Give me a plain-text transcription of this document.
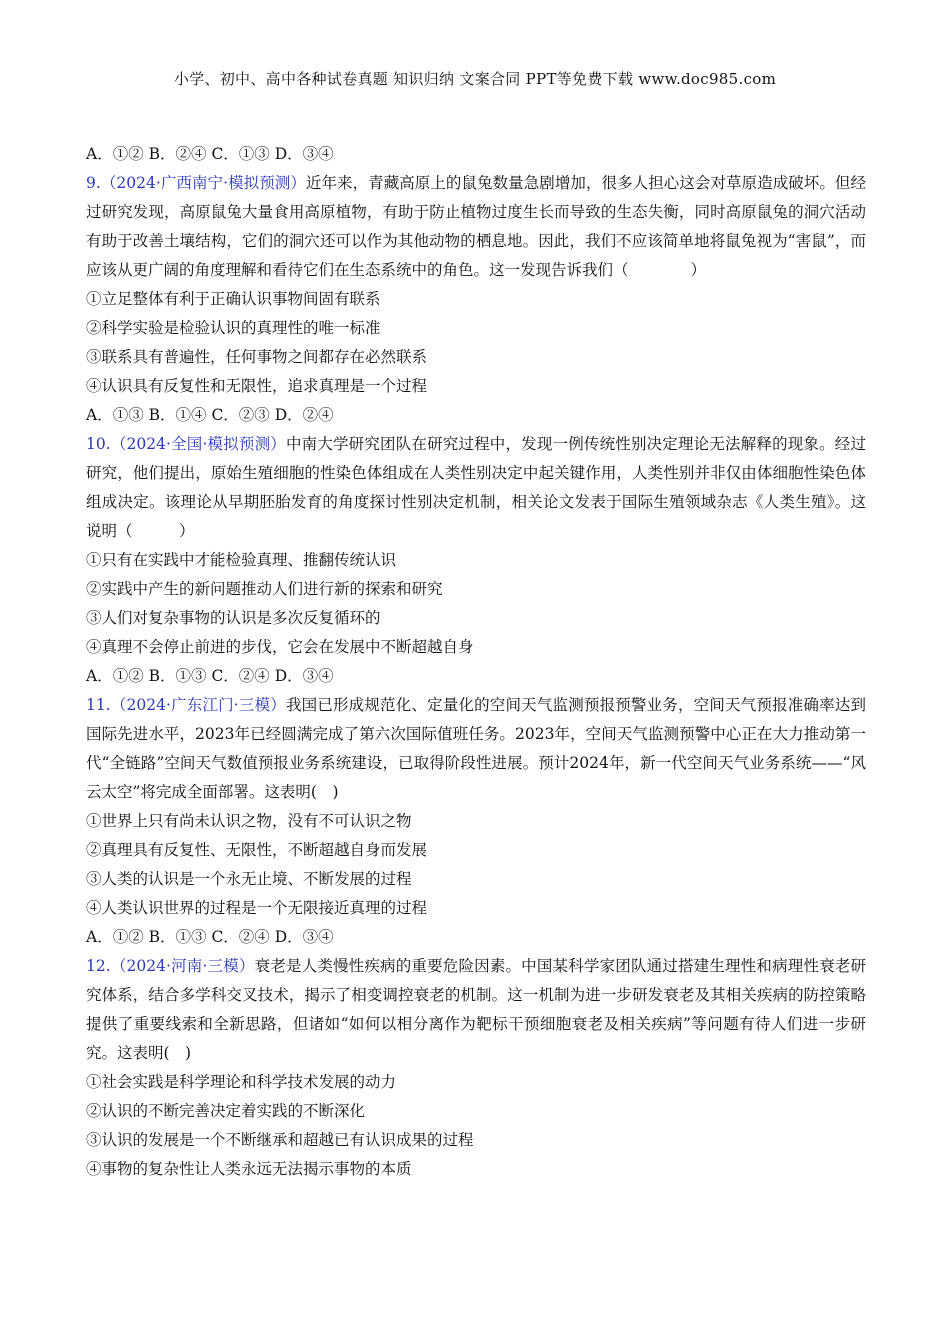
小学、初中、高中各种试卷真题 知识归纳 文案合同 PPT等免费下载 www.doc985.com
A．①② B．②④ C．①③ D．③④
9.（2024·广西南宁·模拟预测）近年来，青藏高原上的鼠兔数量急剧增加，很多人担心这会对草原造成破坏。但经过研究发现，高原鼠兔大量食用高原植物，有助于防止植物过度生长而导致的生态失衡，同时高原鼠兔的洞穴活动有助于改善土壤结构，它们的洞穴还可以作为其他动物的栖息地。因此，我们不应该简单地将鼠兔视为“害鼠”，而应该从更广阔的角度理解和看待它们在生态系统中的角色。这一发现告诉我们（　　　　）
①立足整体有利于正确认识事物间固有联系
②科学实验是检验认识的真理性的唯一标准
③联系具有普遍性，任何事物之间都存在必然联系
④认识具有反复性和无限性，追求真理是一个过程
A．①③ B．①④ C．②③ D．②④
10.（2024·全国·模拟预测）中南大学研究团队在研究过程中，发现一例传统性别决定理论无法解释的现象。经过研究，他们提出，原始生殖细胞的性染色体组成在人类性别决定中起关键作用，人类性别并非仅由体细胞性染色体组成决定。该理论从早期胚胎发育的角度探讨性别决定机制，相关论文发表于国际生殖领域杂志《人类生殖》。这说明（　　　）
①只有在实践中才能检验真理、推翻传统认识
②实践中产生的新问题推动人们进行新的探索和研究
③人们对复杂事物的认识是多次反复循环的
④真理不会停止前进的步伐，它会在发展中不断超越自身
A．①② B．①③ C．②④ D．③④
11.（2024·广东江门·三模）我国已形成规范化、定量化的空间天气监测预报预警业务，空间天气预报准确率达到国际先进水平，2023年已经圆满完成了第六次国际值班任务。2023年，空间天气监测预警中心正在大力推动第一代“全链路”空间天气数值预报业务系统建设，已取得阶段性进展。预计2024年，新一代空间天气业务系统——“风云太空”将完成全面部署。这表明(　)
①世界上只有尚未认识之物，没有不可认识之物
②真理具有反复性、无限性，不断超越自身而发展
③人类的认识是一个永无止境、不断发展的过程
④人类认识世界的过程是一个无限接近真理的过程
A．①② B．①③ C．②④ D．③④
12.（2024·河南·三模）衰老是人类慢性疾病的重要危险因素。中国某科学家团队通过搭建生理性和病理性衰老研究体系，结合多学科交叉技术，揭示了相变调控衰老的机制。这一机制为进一步研发衰老及其相关疾病的防控策略提供了重要线索和全新思路，但诸如“如何以相分离作为靶标干预细胞衰老及相关疾病”等问题有待人们进一步研究。这表明(　)
①社会实践是科学理论和科学技术发展的动力
②认识的不断完善决定着实践的不断深化
③认识的发展是一个不断继承和超越已有认识成果的过程
④事物的复杂性让人类永远无法揭示事物的本质
